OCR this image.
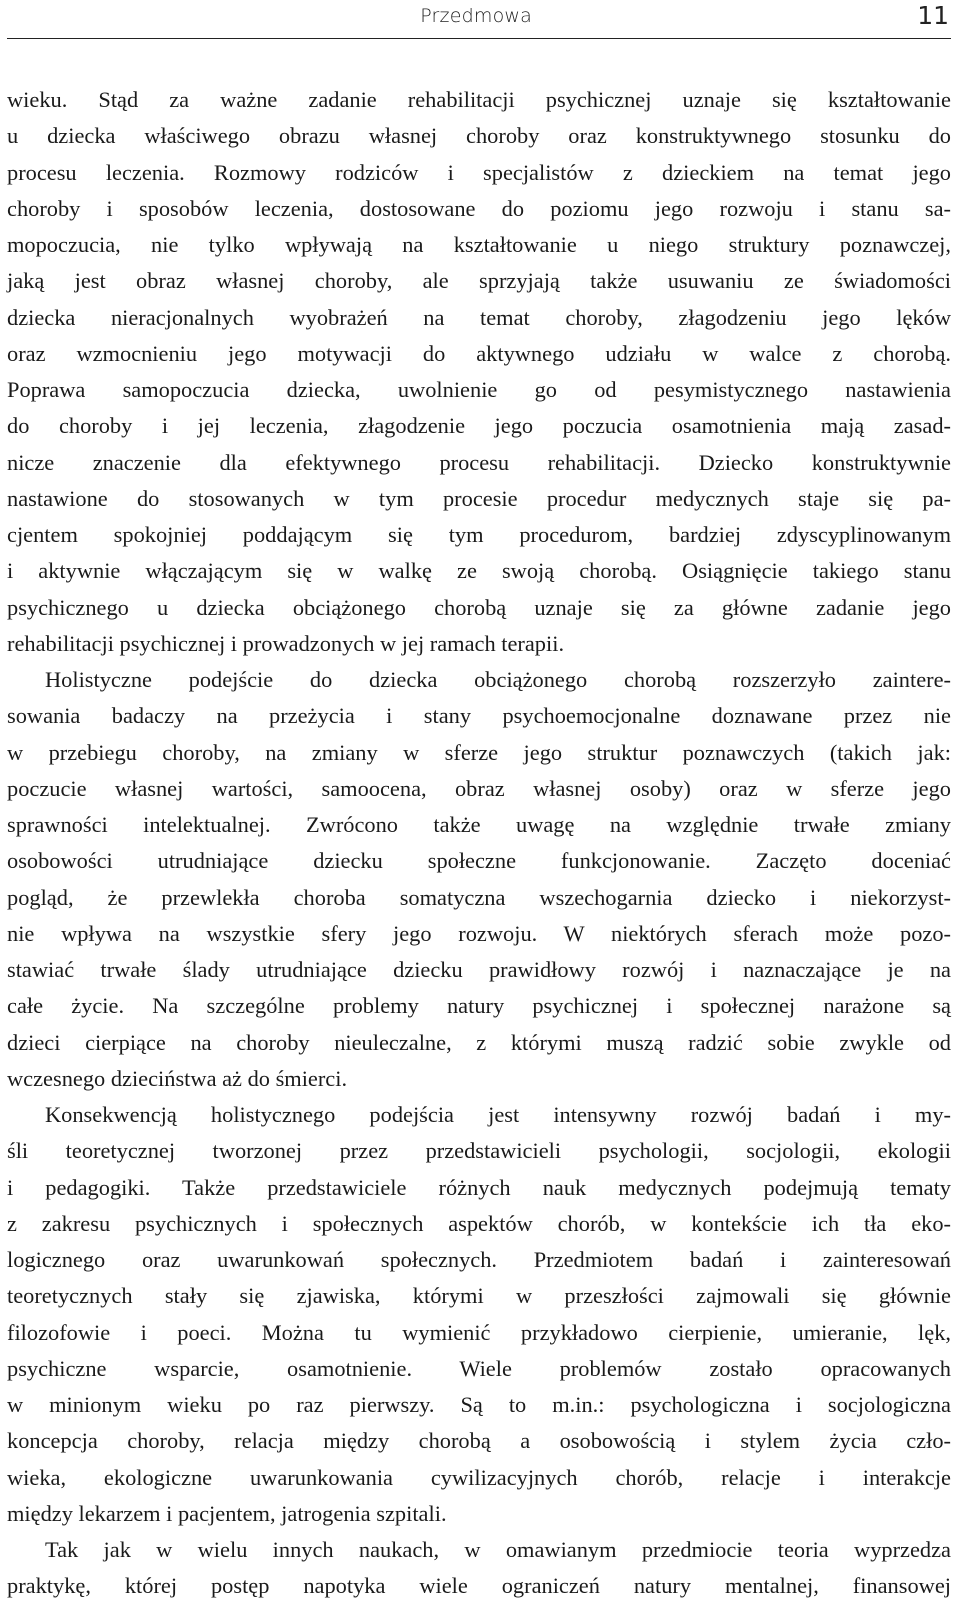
Przedmowa	11

wieku. Stąd za ważne zadanie rehabilitacji psychicznej uznaje się kształtowanie

u dziecka właściwego obrazu własnej choroby oraz konstruktywnego stosunku do

procesu leczenia. Rozmowy rodziców i specjalistów z dzieckiem na temat jego

choroby i sposobów leczenia, dostosowane do poziomu jego rozwoju i stanu sa-

mopoczucia, nie tylko wpływają na kształtowanie u niego struktury poznawczej,

jaką jest obraz własnej choroby, ale sprzyjają także usuwaniu ze świadomości

dziecka nieracjonalnych wyobrażeń na temat choroby, złagodzeniu jego lęków

oraz wzmocnieniu jego motywacji do aktywnego udziału w walce z chorobą.

Poprawa samopoczucia dziecka, uwolnienie go od pesymistycznego nastawienia

do choroby i jej leczenia, złagodzenie jego poczucia osamotnienia mają zasad-

nicze znaczenie dla efektywnego procesu rehabilitacji. Dziecko konstruktywnie

nastawione do stosowanych w tym procesie procedur medycznych staje się pa-

cjentem spokojniej poddającym się tym procedurom, bardziej zdyscyplinowanym

i aktywnie włączającym się w walkę ze swoją chorobą. Osiągnięcie takiego stanu

psychicznego u dziecka obciążonego chorobą uznaje się za główne zadanie jego

rehabilitacji psychicznej i prowadzonych w jej ramach terapii.

Holistyczne podejście do dziecka obciążonego chorobą rozszerzyło zaintere-

sowania badaczy na przeżycia i stany psychoemocjonalne doznawane przez nie

w przebiegu choroby, na zmiany w sferze jego struktur poznawczych (takich jak:

poczucie własnej wartości, samoocena, obraz własnej osoby) oraz w sferze jego

sprawności intelektualnej. Zwrócono także uwagę na względnie trwałe zmiany

osobowości utrudniające dziecku społeczne funkcjonowanie. Zaczęto doceniać

pogląd, że przewlekła choroba somatyczna wszechogarnia dziecko i niekorzyst-

nie wpływa na wszystkie sfery jego rozwoju. W niektórych sferach może pozo-

stawiać trwałe ślady utrudniające dziecku prawidłowy rozwój i naznaczające je na

całe życie. Na szczególne problemy natury psychicznej i społecznej narażone są

dzieci cierpiące na choroby nieuleczalne, z którymi muszą radzić sobie zwykle od

wczesnego dzieciństwa aż do śmierci.

Konsekwencją holistycznego podejścia jest intensywny rozwój badań i my-

śli teoretycznej tworzonej przez przedstawicieli psychologii, socjologii, ekologii

i pedagogiki. Także przedstawiciele różnych nauk medycznych podejmują tematy

z zakresu psychicznych i społecznych aspektów chorób, w kontekście ich tła eko-

logicznego oraz uwarunkowań społecznych. Przedmiotem badań i zainteresowań

teoretycznych stały się zjawiska, którymi w przeszłości zajmowali się głównie

filozofowie i poeci. Można tu wymienić przykładowo cierpienie, umieranie, lęk,

psychiczne wsparcie, osamotnienie. Wiele problemów zostało opracowanych

w minionym wieku po raz pierwszy. Są to m.in.: psychologiczna i socjologiczna

koncepcja choroby, relacja między chorobą a osobowością i stylem życia czło-

wieka, ekologiczne uwarunkowania cywilizacyjnych chorób, relacje i interakcje

między lekarzem i pacjentem, jatrogenia szpitali.

Tak jak w wielu innych naukach, w omawianym przedmiocie teoria wyprzedza

praktykę, której postęp napotyka wiele ograniczeń natury mentalnej, finansowej
